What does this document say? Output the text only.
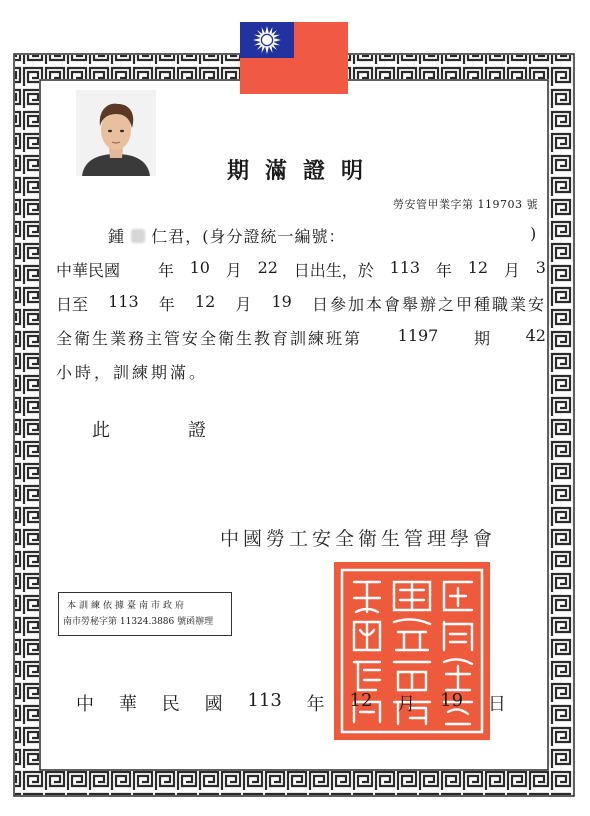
期滿證明
勞安管甲業字第 119703 號
鍾 仁君，(身分證統一編號：	)
中華民國 年 10 月 22 日出生，於 113 年 12 月 3
日至 113 年 12 月 19 日參加本會舉辦之甲種職業安
全衛生業務主管安全衛生教育訓練班第 1197 期 42
小時，訓練期滿。
此	證
中國勞工安全衛生管理學會
本訓練依據臺南市政府
南市勞秘字第 11324.3886 號函辦理
中 華 民 國 113 年 12 月 19 日
